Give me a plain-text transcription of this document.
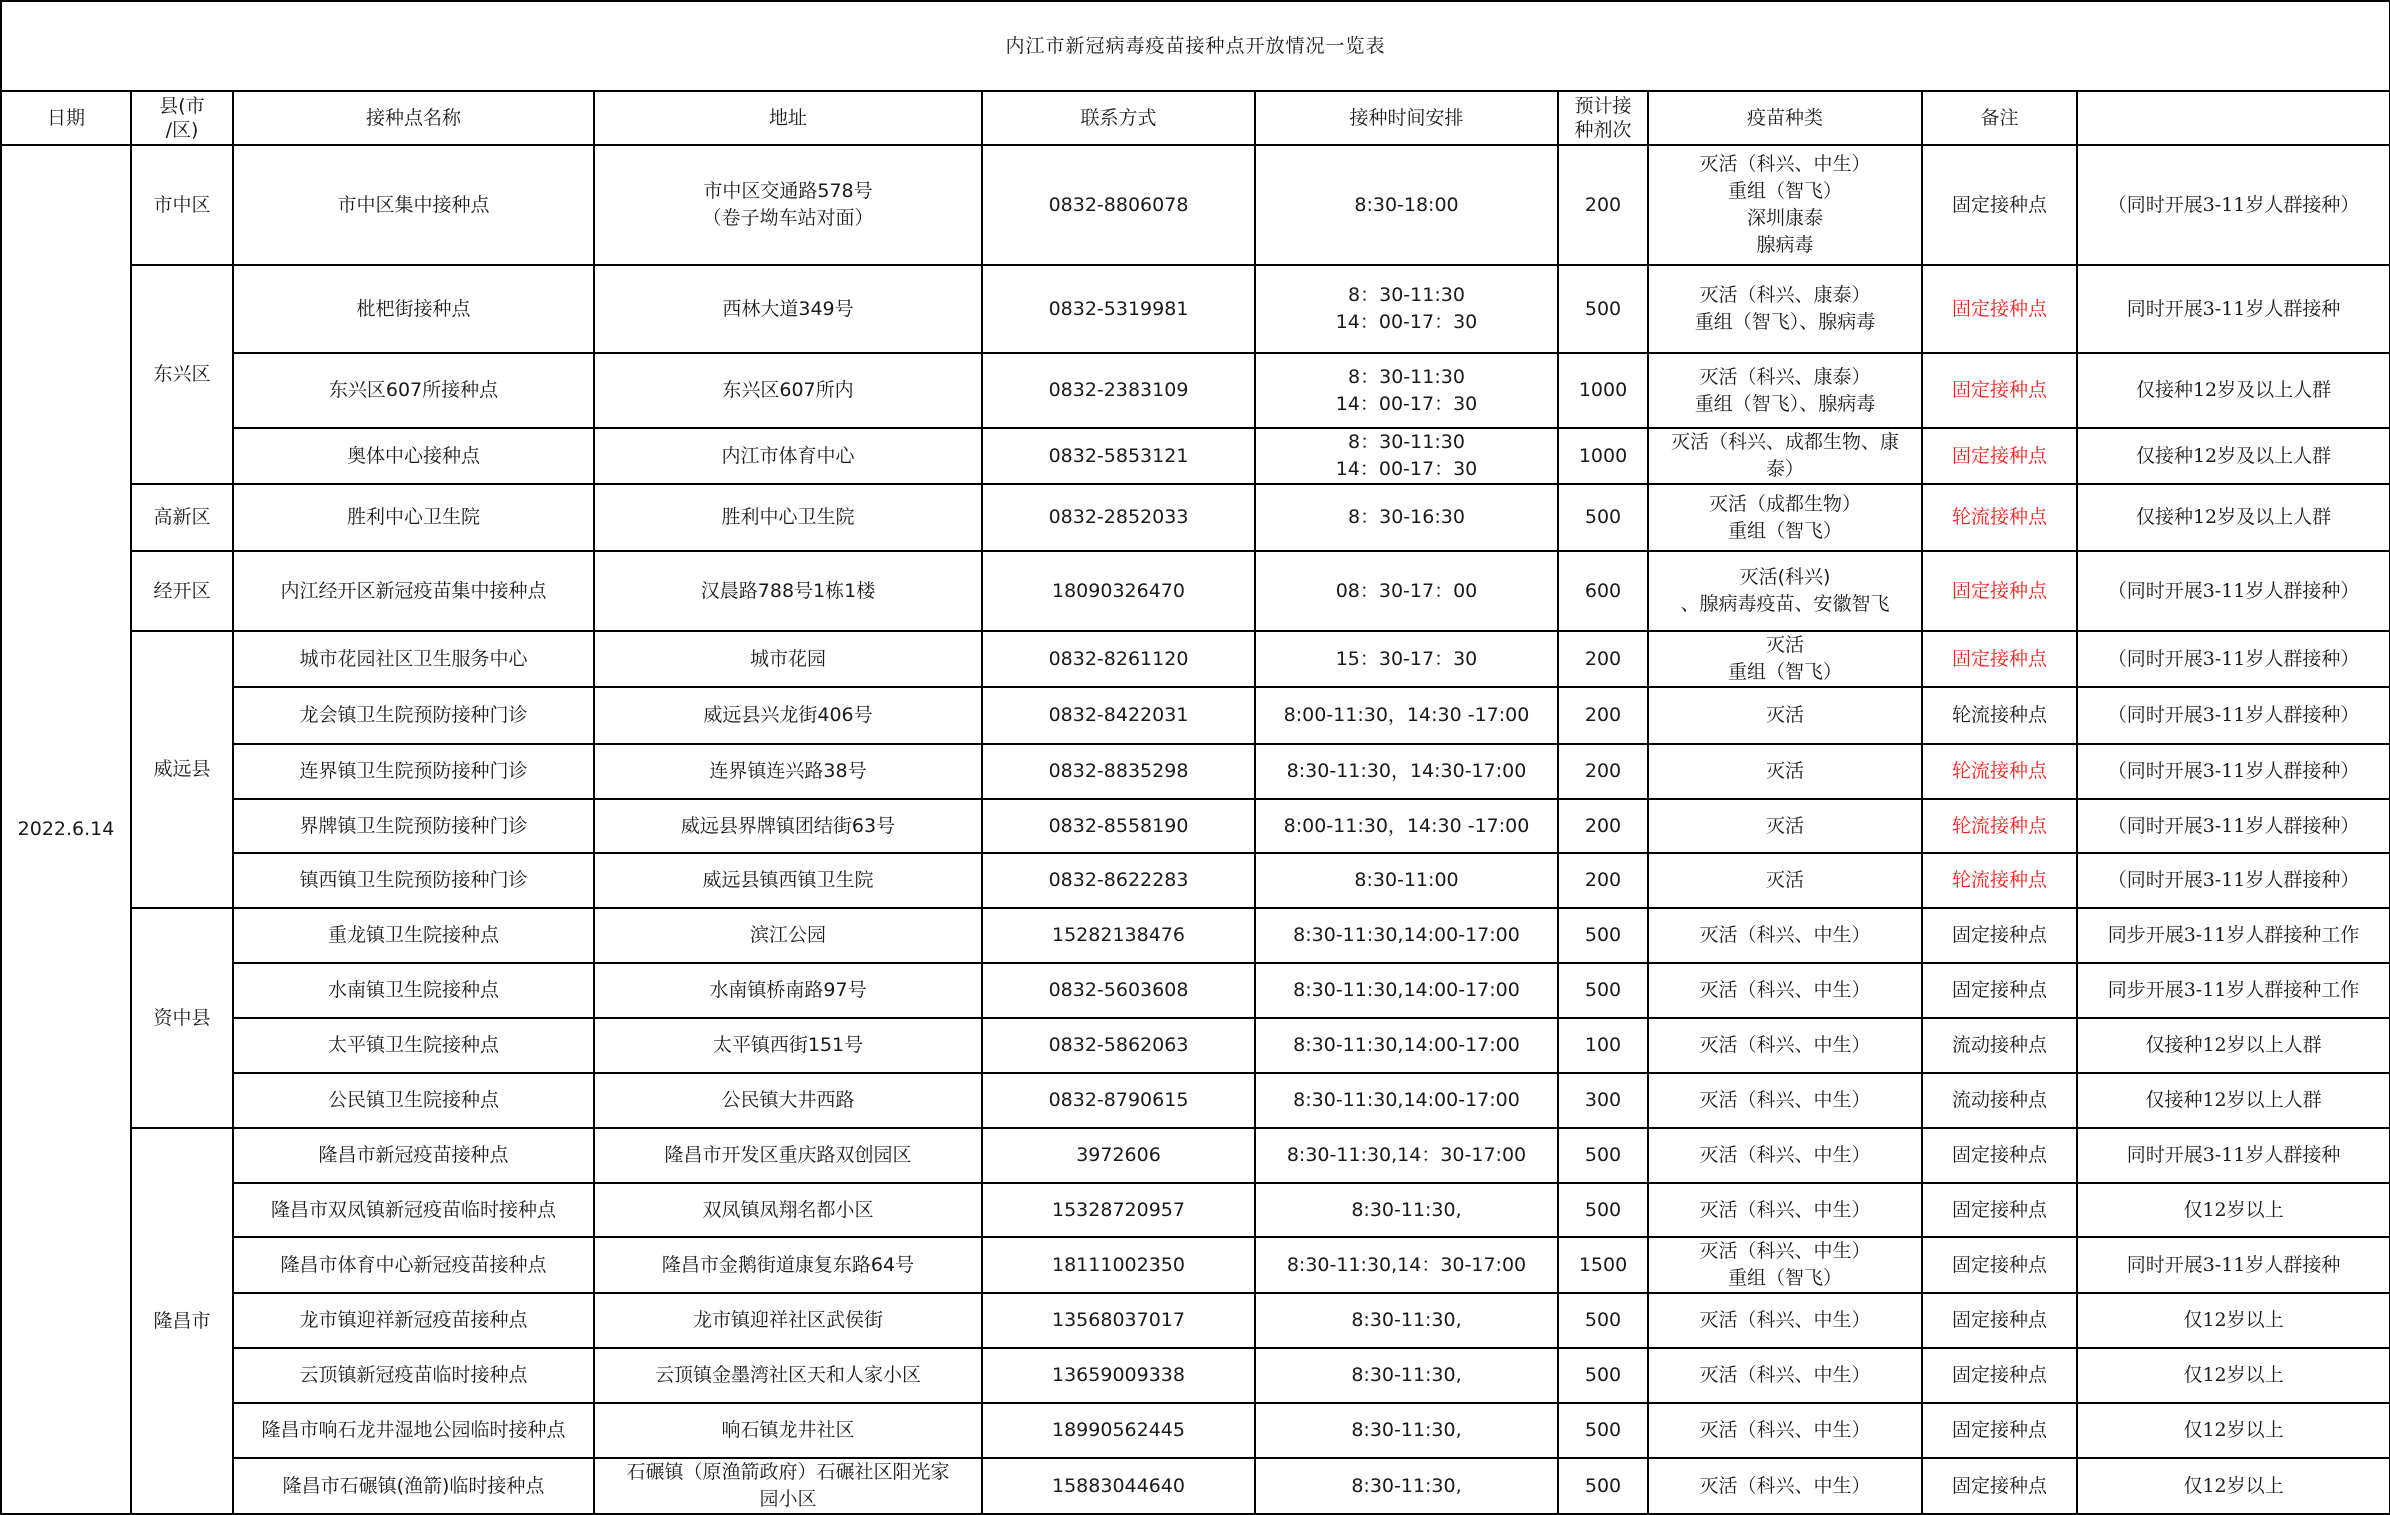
内江市新冠病毒疫苗接种点开放情况一览表									
日期	县(市
/区)	接种点名称	地址	联系方式	接种时间安排	预计接
种剂次	疫苗种类	备注	
2022.6.14	市中区	市中区集中接种点	市中区交通路578号
（卷子坳车站对面）	0832-8806078	8:30-18:00	200	灭活（科兴、中生）
重组（智飞）
深圳康泰
腺病毒	固定接种点	（同时开展3-11岁人群接种）
	东兴区	枇杷街接种点	西林大道349号	0832-5319981	8：30-11:30
14：00-17：30	500	灭活（科兴、康泰）
重组（智飞）、腺病毒	固定接种点	同时开展3-11岁人群接种
		东兴区607所接种点	东兴区607所内	0832-2383109	8：30-11:30
14：00-17：30	1000	灭活（科兴、康泰）
重组（智飞）、腺病毒	固定接种点	仅接种12岁及以上人群
		奥体中心接种点	内江市体育中心	0832-5853121	8：30-11:30
14：00-17：30	1000	灭活（科兴、成都生物、康
泰）	固定接种点	仅接种12岁及以上人群
	高新区	胜利中心卫生院	胜利中心卫生院	0832-2852033	8：30-16:30	500	灭活（成都生物）
重组（智飞）	轮流接种点	仅接种12岁及以上人群
	经开区	内江经开区新冠疫苗集中接种点	汉晨路788号1栋1楼	18090326470	08：30-17：00	600	灭活(科兴)
、腺病毒疫苗、安徽智飞	固定接种点	（同时开展3-11岁人群接种）
	威远县	城市花园社区卫生服务中心	城市花园	0832-8261120	15：30-17：30	200	灭活
重组（智飞）	固定接种点	（同时开展3-11岁人群接种）
		龙会镇卫生院预防接种门诊	威远县兴龙街406号	0832-8422031	8:00-11:30，14:30 -17:00	200	灭活	轮流接种点	（同时开展3-11岁人群接种）
		连界镇卫生院预防接种门诊	连界镇连兴路38号	0832-8835298	8:30-11:30，14:30-17:00	200	灭活	轮流接种点	（同时开展3-11岁人群接种）
		界牌镇卫生院预防接种门诊	威远县界牌镇团结街63号	0832-8558190	8:00-11:30，14:30 -17:00	200	灭活	轮流接种点	（同时开展3-11岁人群接种）
		镇西镇卫生院预防接种门诊	威远县镇西镇卫生院	0832-8622283	8:30-11:00	200	灭活	轮流接种点	（同时开展3-11岁人群接种）
	资中县	重龙镇卫生院接种点	滨江公园	15282138476	8:30-11:30,14:00-17:00	500	灭活（科兴、中生）	固定接种点	同步开展3-11岁人群接种工作
		水南镇卫生院接种点	水南镇桥南路97号	0832-5603608	8:30-11:30,14:00-17:00	500	灭活（科兴、中生）	固定接种点	同步开展3-11岁人群接种工作
		太平镇卫生院接种点	太平镇西街151号	0832-5862063	8:30-11:30,14:00-17:00	100	灭活（科兴、中生）	流动接种点	仅接种12岁以上人群
		公民镇卫生院接种点	公民镇大井西路	0832-8790615	8:30-11:30,14:00-17:00	300	灭活（科兴、中生）	流动接种点	仅接种12岁以上人群
	隆昌市	隆昌市新冠疫苗接种点	隆昌市开发区重庆路双创园区	3972606	8:30-11:30,14：30-17:00	500	灭活（科兴、中生）	固定接种点	同时开展3-11岁人群接种
		隆昌市双凤镇新冠疫苗临时接种点	双凤镇凤翔名都小区	15328720957	8:30-11:30,	500	灭活（科兴、中生）	固定接种点	仅12岁以上
		隆昌市体育中心新冠疫苗接种点	隆昌市金鹅街道康复东路64号	18111002350	8:30-11:30,14：30-17:00	1500	灭活（科兴、中生）
重组（智飞）	固定接种点	同时开展3-11岁人群接种
		龙市镇迎祥新冠疫苗接种点	龙市镇迎祥社区武侯街	13568037017	8:30-11:30,	500	灭活（科兴、中生）	固定接种点	仅12岁以上
		云顶镇新冠疫苗临时接种点	云顶镇金墨湾社区天和人家小区	13659009338	8:30-11:30,	500	灭活（科兴、中生）	固定接种点	仅12岁以上
		隆昌市响石龙井湿地公园临时接种点	响石镇龙井社区	18990562445	8:30-11:30,	500	灭活（科兴、中生）	固定接种点	仅12岁以上
		隆昌市石碾镇(渔箭)临时接种点	石碾镇（原渔箭政府）石碾社区阳光家
园小区	15883044640	8:30-11:30,	500	灭活（科兴、中生）	固定接种点	仅12岁以上
